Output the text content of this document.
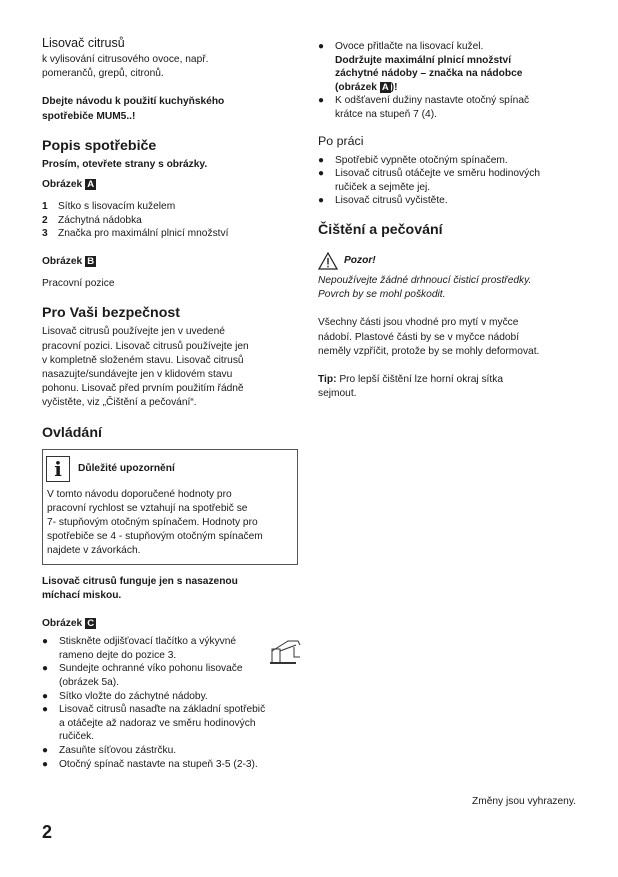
Lisovač citrusů

k vylisování citrusového ovoce, např.

pomerančů, grepů, citronů.

Dbejte návodu k použití kuchyňského

spotřebiče MUM5..!

Popis spotřebiče

Prosím, otevřete strany s obrázky.

Obrázek A

1	Sítko s lisovacím kuželem
2	Záchytná nádobka
3	Značka pro maximální plnicí množství

Obrázek B

Pracovní pozice

Pro Vaši bezpečnost

Lisovač citrusů používejte jen v uvedené

pracovní pozici. Lisovač citrusů používejte jen

v kompletně složeném stavu. Lisovač citrusů

nasazujte/sundávejte jen v klidovém stavu

pohonu. Lisovač před prvním použitím řádně

vyčistěte, viz „Čištění a pečování“.

Ovládání
i	Důležité upozornění

V tomto návodu doporučené hodnoty pro

pracovní rychlost se vztahují na spotřebič se

7- stupňovým otočným spínačem. Hodnoty pro

spotřebiče se 4 - stupňovým otočným spínačem

najdete v závorkách.

Lisovač citrusů funguje jen s nasazenou

míchací miskou.

Obrázek C

●	Stiskněte odjišťovací tlačítko a výkyvné
rameno dejte do pozice 3.
●	Sundejte ochranné víko pohonu lisovače
(obrázek 5a).
●	Sítko vložte do záchytné nádoby.
●	Lisovač citrusů nasaďte na základní spotřebič
a otáčejte až nadoraz ve směru hodinových
ručiček.
●	Zasuňte síťovou zástrčku.
●	Otočný spínač nastavte na stupeň 3-5 (2-3).
●	Ovoce přitlačte na lisovací kužel.
Dodržujte maximální plnicí množství
záchytné nádoby – značka na nádobce
(obrázek A )!
●	K odšťavení dužiny nastavte otočný spínač
krátce na stupeň 7 (4).
Po práci
●	Spotřebič vypněte otočným spínačem.
●	Lisovač citrusů otáčejte ve směru hodinových
ručiček a sejměte jej.
●	Lisovač citrusů vyčistěte.
Čištění a pečování
Pozor!

Nepoužívejte žádné drhnoucí čisticí prostředky.

Povrch by se mohl poškodit.

Všechny části jsou vhodné pro mytí v myčce

nádobí. Plastové části by se v myčce nádobí

neměly vzpříčit, protože by se mohly deformovat.

Tip: Pro lepší čištění lze horní okraj sítka

sejmout.

Změny jsou vyhrazeny.
2
